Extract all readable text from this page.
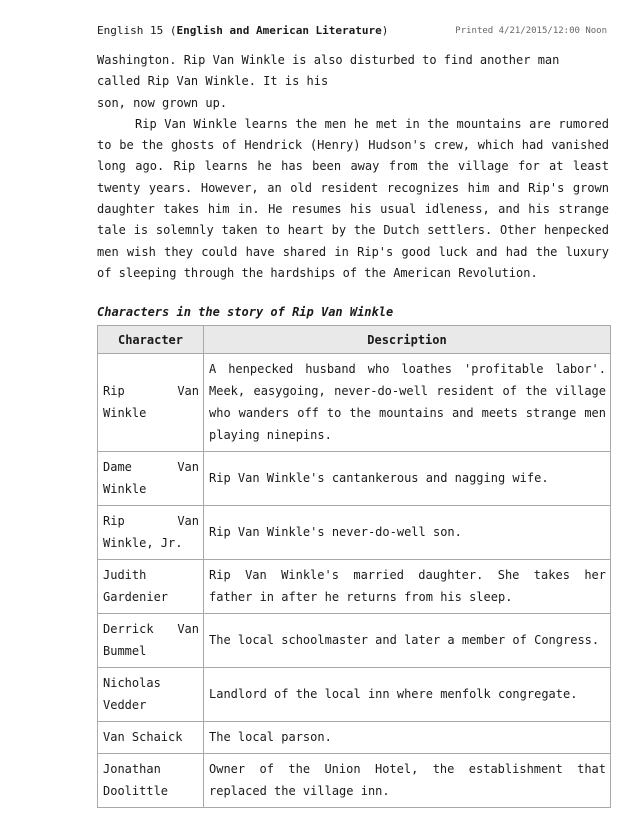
English 15 (English and American Literature)	Printed 4/21/2015/12:00 Noon

Washington. Rip Van Winkle is also disturbed to find another man

called Rip Van Winkle. It is his

son, now grown up.

Rip Van Winkle learns the men he met in the mountains are rumored to be the ghosts of Hendrick (Henry) Hudson's crew, which had vanished long ago. Rip learns he has been away from the village for at least twenty years. However, an old resident recognizes him and Rip's grown daughter takes him in. He resumes his usual idleness, and his strange tale is solemnly taken to heart by the Dutch settlers. Other henpecked men wish they could have shared in Rip's good luck and had the luxury of sleeping through the hardships of the American Revolution.

Characters in the story of Rip Van Winkle
Character	Description
Rip Van Winkle	A henpecked husband who loathes 'profitable labor'. Meek, easygoing, never-do-well resident of the village who wanders off to the mountains and meets strange men playing ninepins.
Dame Van Winkle	Rip Van Winkle's cantankerous and nagging wife.
Rip Van Winkle, Jr.	Rip Van Winkle's never-do-well son.
Judith Gardenier	Rip Van Winkle's married daughter. She takes her father in after he returns from his sleep.
Derrick Van Bummel	The local schoolmaster and later a member of Congress.
Nicholas Vedder	Landlord of the local inn where menfolk congregate.
Van Schaick	The local parson.
Jonathan Doolittle	Owner of the Union Hotel, the establishment that replaced the village inn.
